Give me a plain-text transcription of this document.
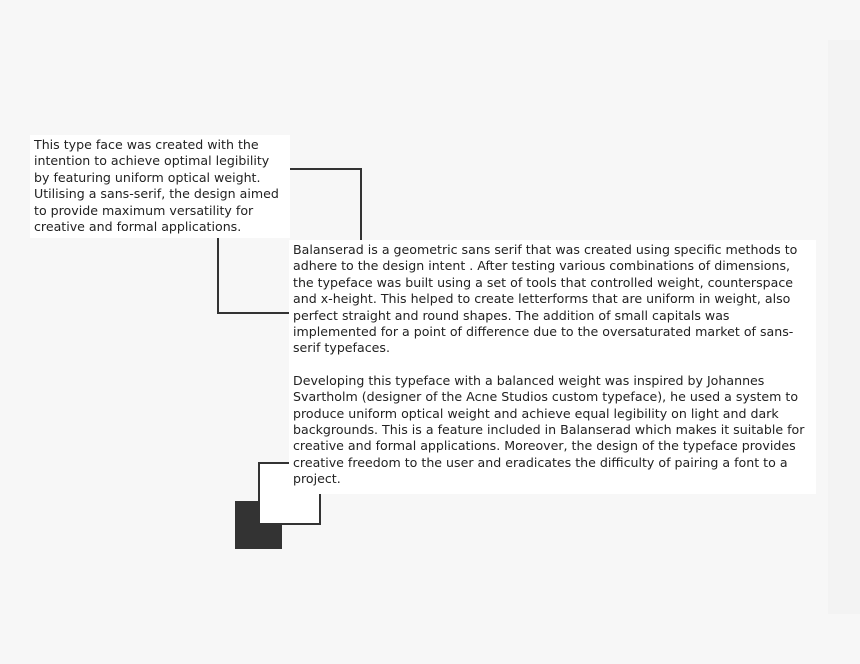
This type face was created with the intention to achieve optimal legibility by featuring uniform optical weight. Utilising a sans-serif, the design aimed to provide maximum versatility for creative and formal applications.

Balanserad is a geometric sans serif that was created using specific methods to adhere to the design intent . After testing various combinations of dimensions, the typeface was built using a set of tools that controlled weight, counterspace and x-height. This helped to create letterforms that are uniform in weight, also perfect straight and round shapes. The addition of small capitals was implemented for a point of difference due to the oversaturated market of sans-serif typefaces.

Developing this typeface with a balanced weight was inspired by Johannes Svartholm (designer of the Acne Studios custom typeface), he used a system to produce uniform optical weight and achieve equal legibility on light and dark backgrounds. This is a feature included in Balanserad which makes it suitable for creative and formal applications. Moreover, the design of the typeface provides creative freedom to the user and eradicates the difficulty of pairing a font to a project.
